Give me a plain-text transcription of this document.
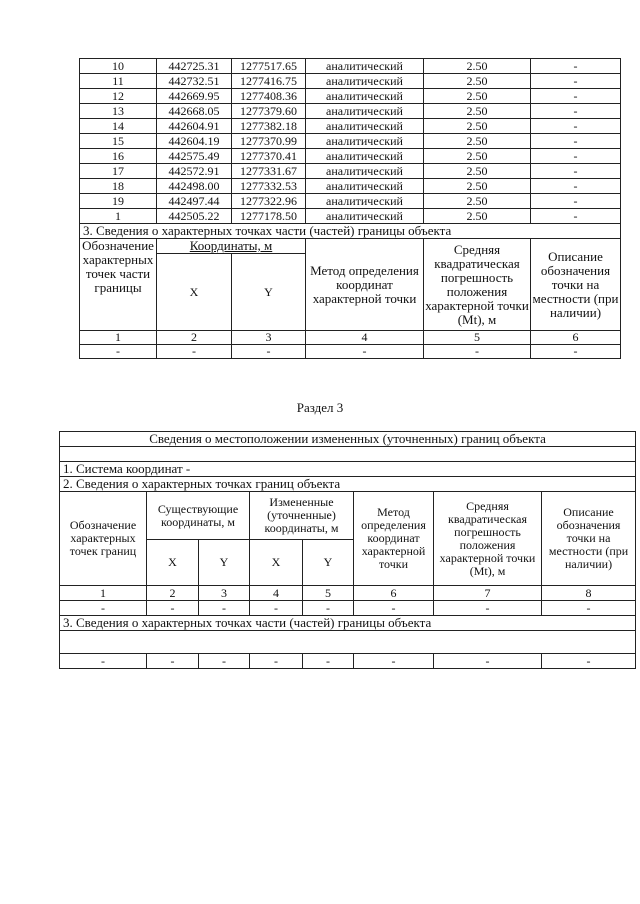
10	442725.31	1277517.65	аналитический	2.50	-
11	442732.51	1277416.75	аналитический	2.50	-
12	442669.95	1277408.36	аналитический	2.50	-
13	442668.05	1277379.60	аналитический	2.50	-
14	442604.91	1277382.18	аналитический	2.50	-
15	442604.19	1277370.99	аналитический	2.50	-
16	442575.49	1277370.41	аналитический	2.50	-
17	442572.91	1277331.67	аналитический	2.50	-
18	442498.00	1277332.53	аналитический	2.50	-
19	442497.44	1277322.96	аналитический	2.50	-
1	442505.22	1277178.50	аналитический	2.50	-
3. Сведения о характерных точках части (частей) границы объекта					
Обозначение характерных точек части границы	Координаты, м		Метод определения координат характерной точки	Средняя квадратическая погрешность положения характерной точки (Mt), м	Описание обозначения точки на местности (при наличии)
	X	Y			
1	2	3	4	5	6
-	-	-	-	-	-
Раздел 3
Сведения о местоположении измененных (уточненных) границ объекта							

1. Система координат -							
2. Сведения о характерных точках границ объекта							
Обозначение характерных точек границ	Существующие координаты, м		Измененные (уточненные) координаты, м		Метод определения координат характерной точки	Средняя квадратическая погрешность положения характерной точки (Mt), м	Описание обозначения точки на местности (при наличии)
	X	Y	X	Y			
1	2	3	4	5	6	7	8
-	-	-	-	-	-	-	-
3. Сведения о характерных точках части (частей) границы объекта							

-	-	-	-	-	-	-	-
